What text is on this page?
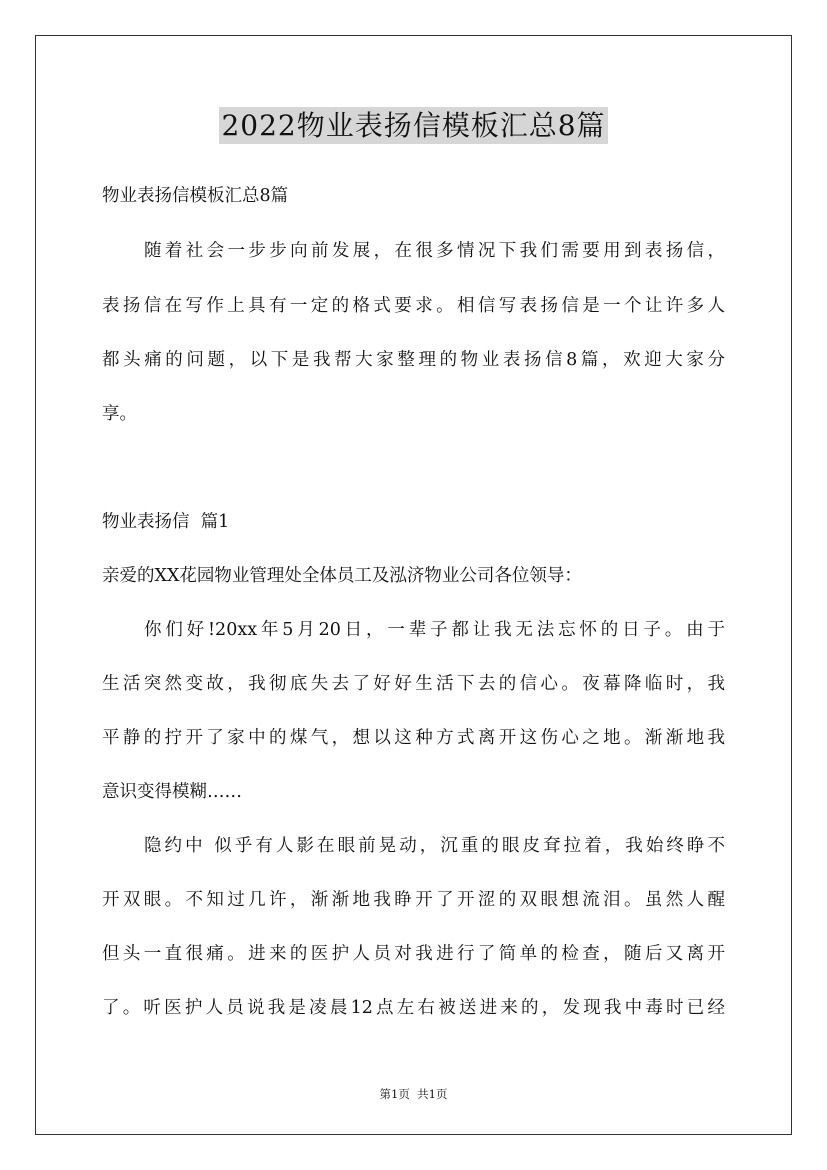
2022物业表扬信模板汇总8篇
物业表扬信模板汇总8篇
随着社会一步步向前发展，在很多情况下我们需要用到表扬信，
表扬信在写作上具有一定的格式要求。相信写表扬信是一个让许多人
都头痛的问题，以下是我帮大家整理的物业表扬信8篇，欢迎大家分
享。
物业表扬信  篇1
亲爱的XX花园物业管理处全体员工及泓济物业公司各位领导：
你们好!20xx年5月20日，一辈子都让我无法忘怀的日子。由于
生活突然变故，我彻底失去了好好生活下去的信心。夜幕降临时，我
平静的拧开了家中的煤气，想以这种方式离开这伤心之地。渐渐地我
意识变得模糊……
隐约中 似乎有人影在眼前晃动，沉重的眼皮耷拉着，我始终睁不
开双眼。不知过几许，渐渐地我睁开了开涩的双眼想流泪。虽然人醒
但头一直很痛。进来的医护人员对我进行了简单的检查，随后又离开
了。听医护人员说我是凌晨12点左右被送进来的，发现我中毒时已经
第1页  共1页
